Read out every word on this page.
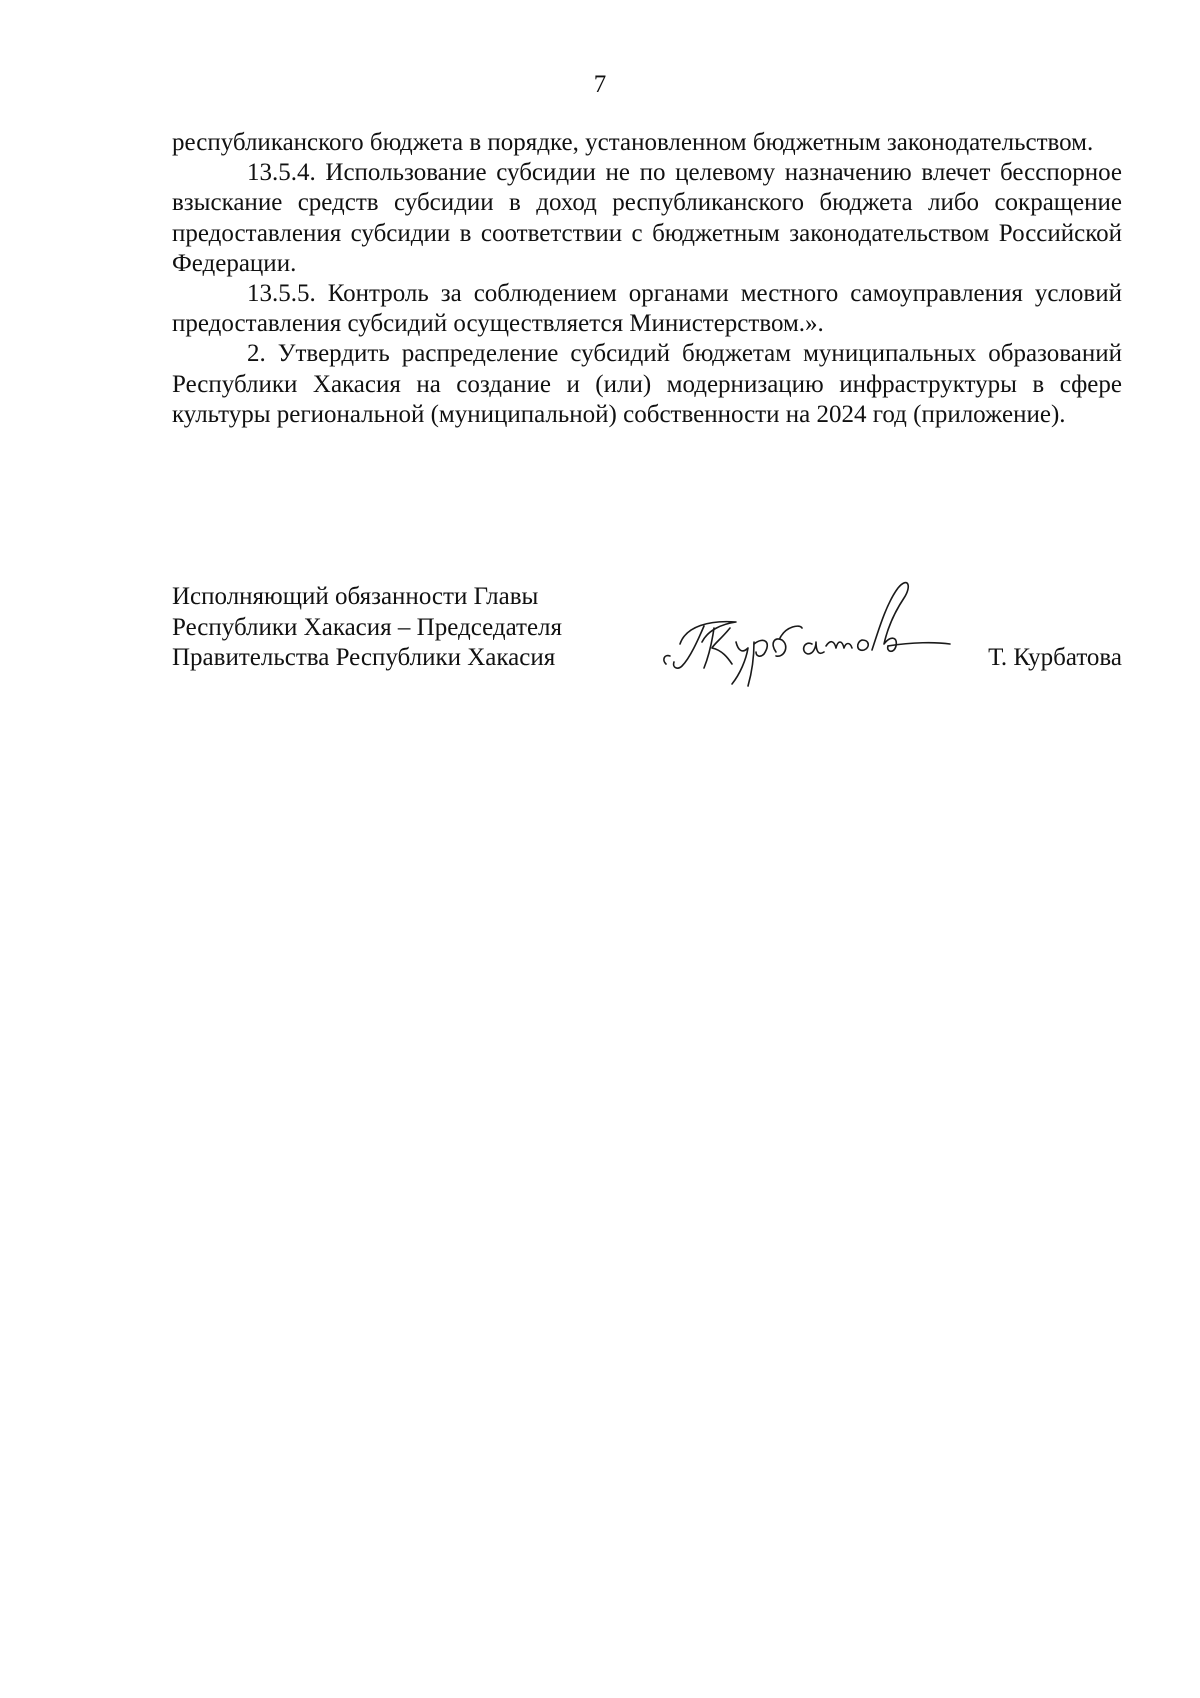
7

республиканского бюджета в порядке, установленном бюджетным законодательством.

13.5.4. Использование субсидии не по целевому назначению влечет бесспорное взыскание средств субсидии в доход республиканского бюджета либо сокращение предоставления субсидии в соответствии с бюджетным законодательством Российской Федерации.

13.5.5. Контроль за соблюдением органами местного самоуправления условий предоставления субсидий осуществляется Министерством.».

2. Утвердить распределение субсидий бюджетам муниципальных образований Республики Хакасия на создание и (или) модернизацию инфраструктуры в сфере культуры региональной (муниципальной) собственности на 2024 год (приложение).

Исполняющий обязанности Главы
Республики Хакасия – Председателя
Правительства Республики Хакасия	Т. Курбатова
